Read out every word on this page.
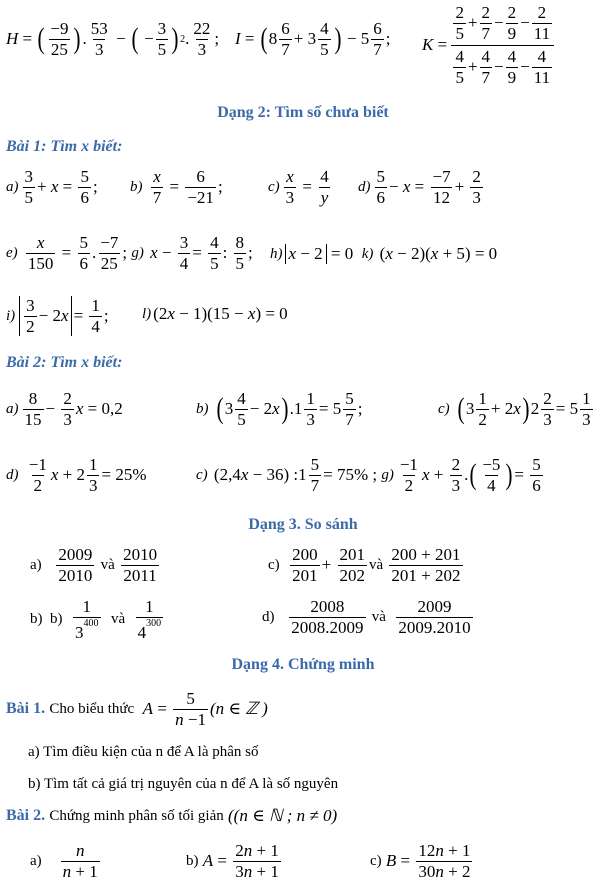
H = ( $\frac{-9}{25}$ ) . $\frac{53}{3}$ − ( − $\frac{3}{5}$ ) 2 . $\frac{22}{3}$ ; I = ( $8 \frac{6}{7} + 3 \frac{4}{5}$ ) − $5 \frac{6}{7}$ ; $K = \frac{\frac{2}{5} + \frac{2}{7} - \frac{2}{9} - \frac{2}{11}}{\frac{4}{5} + \frac{4}{7} - \frac{4}{9} - \frac{4}{11}}$
Dạng 2: Tìm số chưa biết
Bài 1: Tìm x biết:
$a) \frac{3}{5} + x = \frac{5}{6}$ ; b)
$\frac{x}{7} = \frac{6}{-21}$ ;	$c) \frac{x}{3} = \frac{4}{y} d) \frac{5}{6} - x = \frac{-7}{12} + \frac{2}{3}$
e)
$\frac{x}{150} = \frac{5}{6}$ . $\frac{-7}{25}$ ; g)
$x - \frac{3}{4} = \frac{4}{5}$ : $\frac{8}{5}$ ; h) x − 2 = 0 k) ( x − 2)( x + 5) = 0
$i) \frac{3}{2} - 2$ $x = \frac{1}{4}$ ; l) (2 x − 1)(15 − x ) = 0
Bài 2: Tìm x biết:
$a) \frac{8}{15} - \frac{2}{3}$ x = 0,2	b)
( $3 \frac{4}{5} - 2$ x ) $.1 \frac{1}{3} = 5 \frac{5}{7}$ ;	c)
( $3 \frac{1}{2} + 2$ x ) $2 \frac{2}{3} = 5 \frac{1}{3}$
d)
$\frac{-1}{2}$ $x + 2 \frac{1}{3} = 25\%$	c) (2,4 x − 36) :1 $\frac{5}{7} = 75\%$ ; $g) \frac{-1}{2}$ $x + \frac{2}{3}$ . ( $\frac{-5}{4}$ ) = $\frac{5}{6}$
Dạng 3. So sánh
a)
$\frac{2009}{2010}$
và
$\frac{2010}{2011}$	c)
$\frac{200}{201} + \frac{201}{202}$ và
$\frac{200 + 201}{201 + 202}$
b)  b)
$\frac{1}{3^{400}}$
và
$\frac{1}{4^{300}}$	d)
$\frac{2008}{2008.2009}$
và
$\frac{2009}{2009.2010}$
Dạng 4. Chứng minh
Bài 1.
Cho biểu thức
$A = \frac{5}{n -1} (n$ ∈ ℤ )
a) Tìm điều kiện của n để A là phân số
b) Tìm tất cả giá trị nguyên của n để A là số nguyên
Bài 2.
Chứng minh phân số tối giản
((n ∈ ℕ ; n ≠ 0)
a)
$\frac{n}{n + 1}$	b)
$A = \frac{2n + 1}{3n + 1}$	c)
$B = \frac{12n + 1}{30n + 2}$
